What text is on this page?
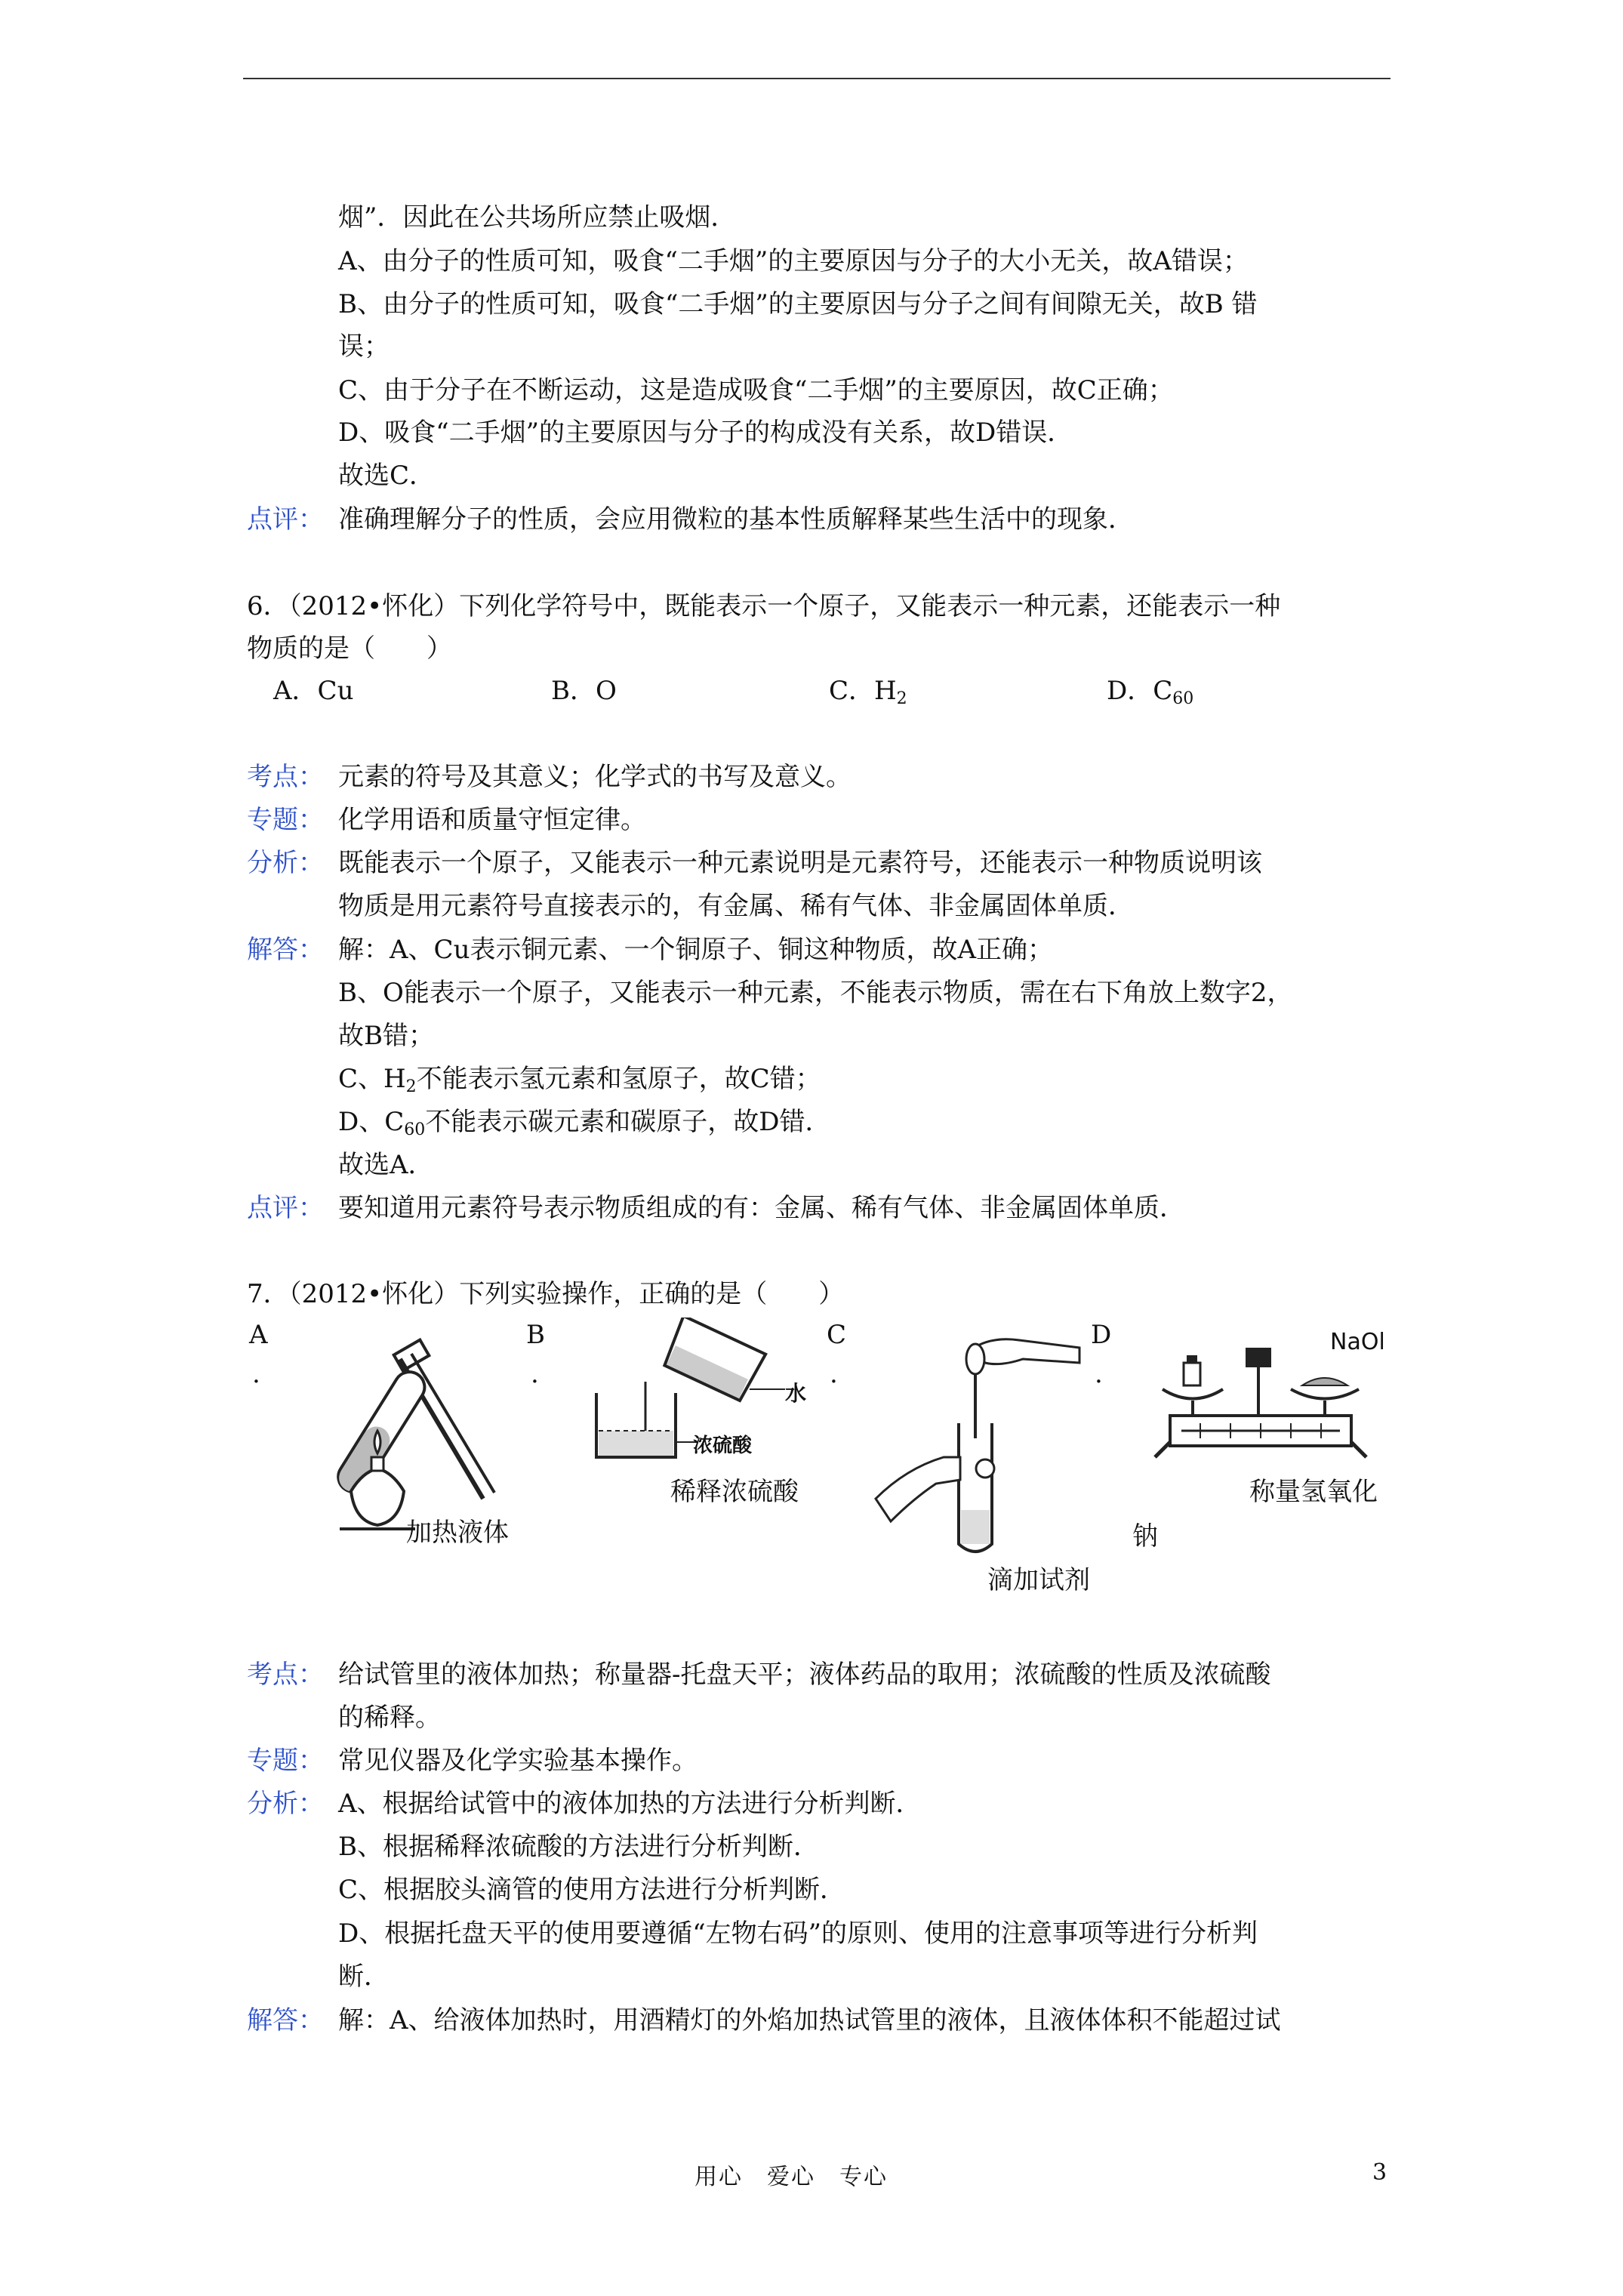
烟”．因此在公共场所应禁止吸烟．
A、由分子的性质可知，吸食“二手烟”的主要原因与分子的大小无关，故A错误；
B、由分子的性质可知，吸食“二手烟”的主要原因与分子之间有间隙无关，故B 错
误；
C、由于分子在不断运动，这是造成吸食“二手烟”的主要原因，故C正确；
D、吸食“二手烟”的主要原因与分子的构成没有关系，故D错误．
故选C．
点评： 准确理解分子的性质，会应用微粒的基本性质解释某些生活中的现象．
6．（2012•怀化）下列化学符号中，既能表示一个原子，又能表示一种元素，还能表示一种
物质的是（　　）
A．Cu	B．O	C．$H_2$	D．$C_{60}$
考点： 元素的符号及其意义；化学式的书写及意义。
专题： 化学用语和质量守恒定律。
分析： 既能表示一个原子，又能表示一种元素说明是元素符号，还能表示一种物质说明该
物质是用元素符号直接表示的，有金属、稀有气体、非金属固体单质．
解答： 解：A、Cu表示铜元素、一个铜原子、铜这种物质，故A正确；
B、O能表示一个原子，又能表示一种元素，不能表示物质，需在右下角放上数字2，
故B错；
C、$H_2$不能表示氢元素和氢原子，故C错；
D、$C_{60}$不能表示碳元素和碳原子，故D错．
故选A．
点评： 要知道用元素符号表示物质组成的有：金属、稀有气体、非金属固体单质．
7．（2012•怀化）下列实验操作，正确的是（　　）
A
.
B
.
C
.
D
.
加热液体
水
浓硫酸
稀释浓硫酸
滴加试剂
NaOl
称量氢氧化
钠
考点： 给试管里的液体加热；称量器-托盘天平；液体药品的取用；浓硫酸的性质及浓硫酸
的稀释。
专题： 常见仪器及化学实验基本操作。
分析： A、根据给试管中的液体加热的方法进行分析判断．
B、根据稀释浓硫酸的方法进行分析判断．
C、根据胶头滴管的使用方法进行分析判断．
D、根据托盘天平的使用要遵循“左物右码”的原则、使用的注意事项等进行分析判
断．
解答： 解：A、给液体加热时，用酒精灯的外焰加热试管里的液体，且液体体积不能超过试
用心　爱心　专心	3
